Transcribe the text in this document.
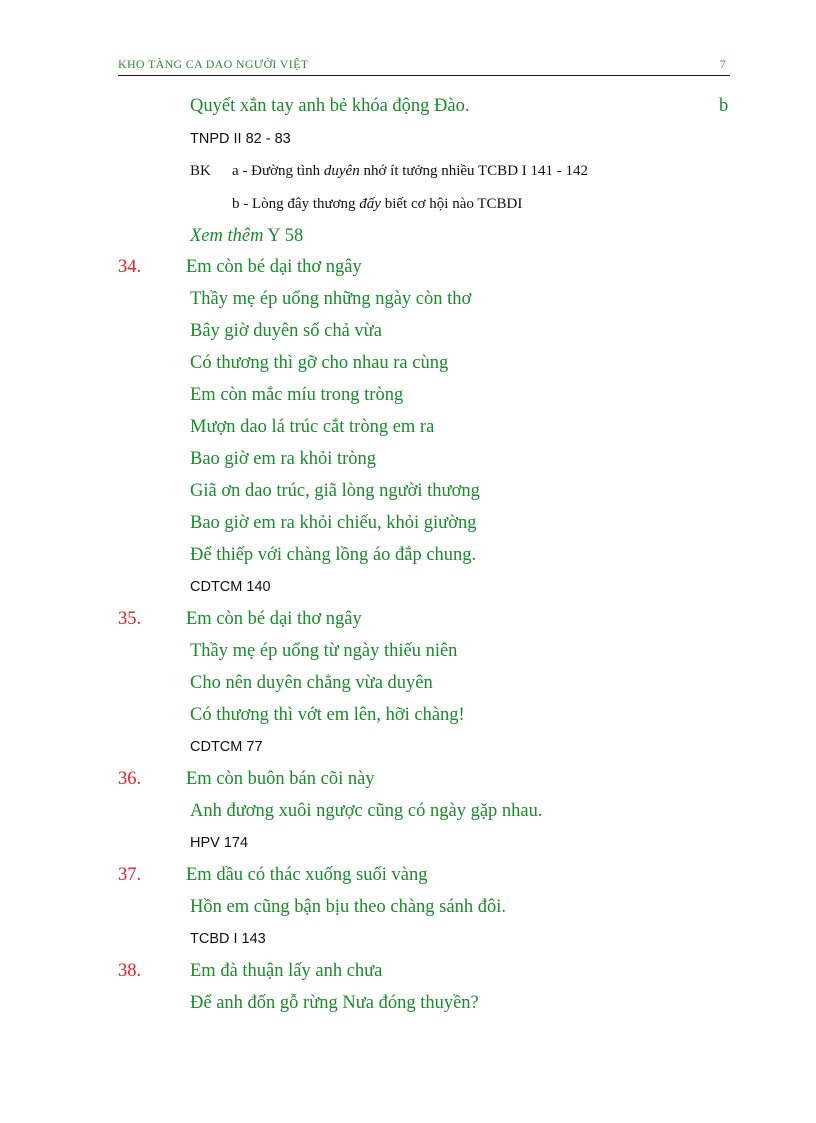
KHO TÀNG CA DAO NGƯỜI VIỆT	7
Quyết xắn tay anh bẻ khóa động Đào.	b
TNPD II 82 - 83
BK a - Đường tình duyên nhớ ít tưởng nhiều TCBD I 141 - 142
b - Lòng đây thương đấy biết cơ hội nào TCBDI
Xem thêm Y 58
34. Em còn bé dại thơ ngây
Thầy mẹ ép uổng những ngày còn thơ
Bây giờ duyên số chả vừa
Có thương thì gỡ cho nhau ra cùng
Em còn mắc míu trong tròng
Mượn dao lá trúc cắt tròng em ra
Bao giờ em ra khỏi tròng
Giã ơn dao trúc, giã lòng người thương
Bao giờ em ra khỏi chiếu, khỏi giường
Để thiếp với chàng lồng áo đắp chung.
CDTCM 140
35. Em còn bé dại thơ ngây
Thầy mẹ ép uổng từ ngày thiếu niên
Cho nên duyên chẳng vừa duyên
Có thương thì vớt em lên, hỡi chàng!
CDTCM 77
36. Em còn buôn bán cõi này
Anh đương xuôi ngược cũng có ngày gặp nhau.
HPV 174
37. Em dầu có thác xuống suối vàng
Hồn em cũng bận bịu theo chàng sánh đôi.
TCBD I 143
38.	Em đà thuận lấy anh chưa
Để anh đốn gỗ rừng Nưa đóng thuyền?
